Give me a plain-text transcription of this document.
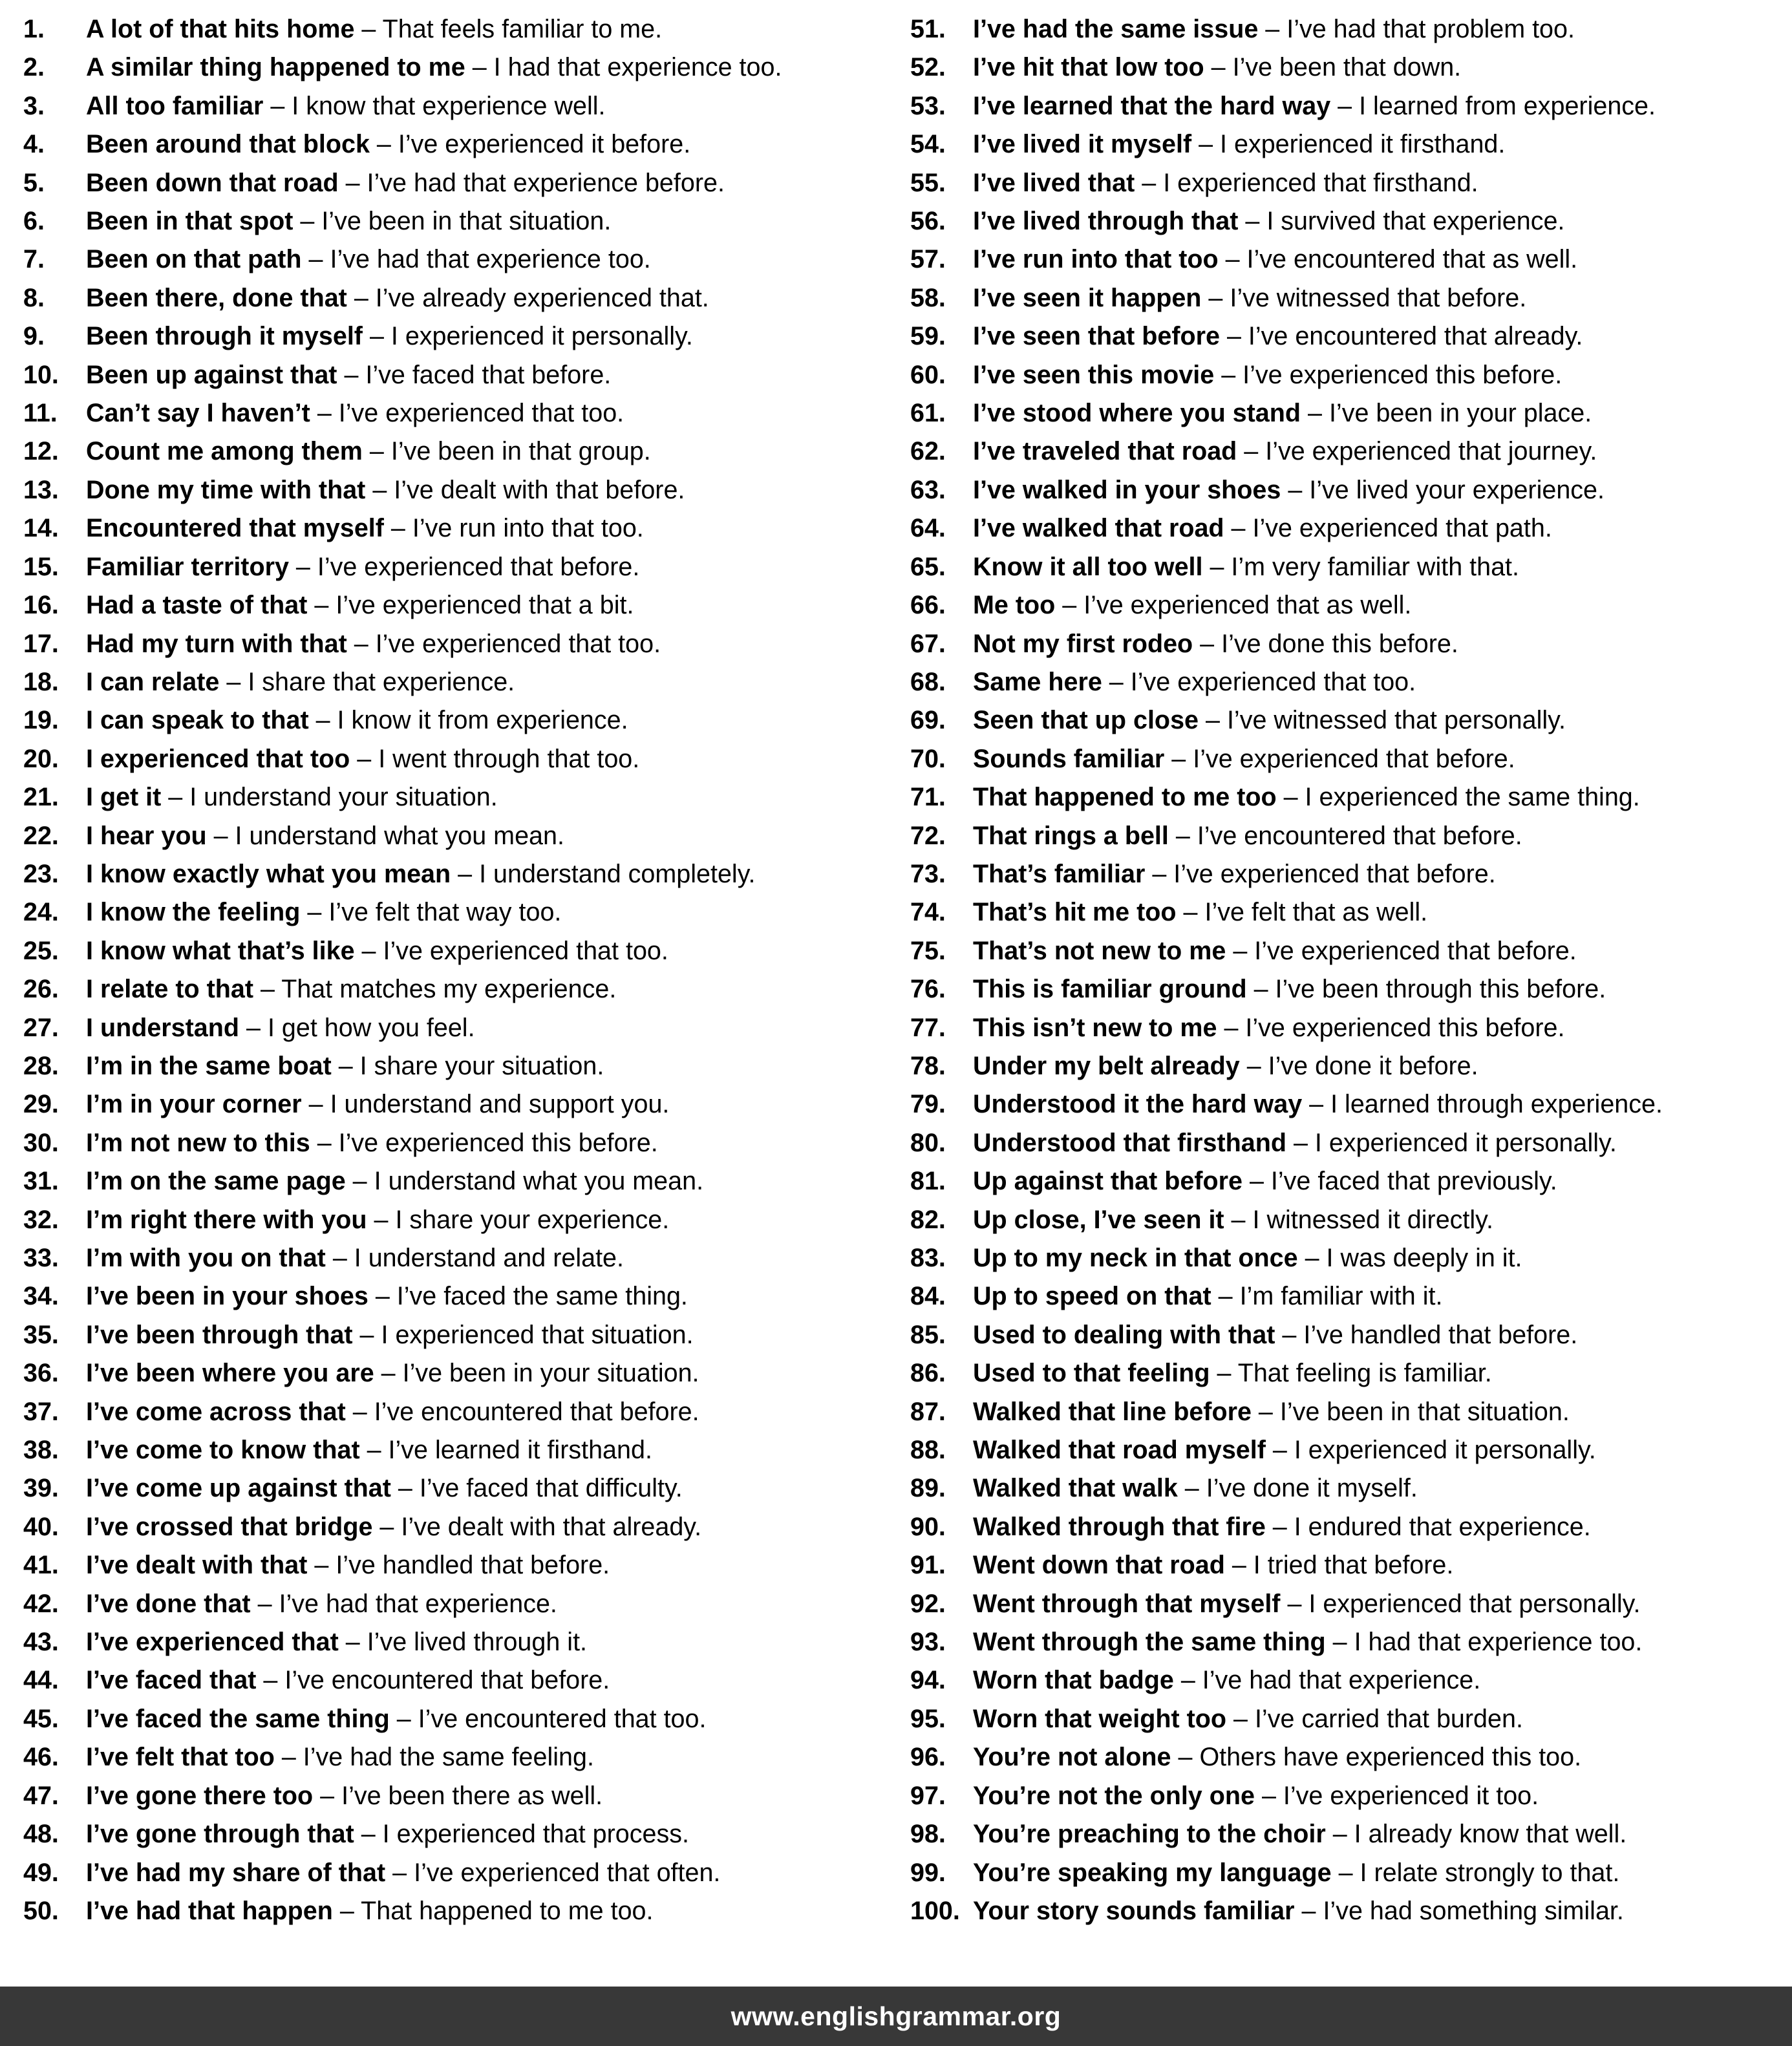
1.	A lot of that hits home – That feels familiar to me.
2.	A similar thing happened to me – I had that experience too.
3.	All too familiar – I know that experience well.
4.	Been around that block – I’ve experienced it before.
5.	Been down that road – I’ve had that experience before.
6.	Been in that spot – I’ve been in that situation.
7.	Been on that path – I’ve had that experience too.
8.	Been there, done that – I’ve already experienced that.
9.	Been through it myself – I experienced it personally.
10.	Been up against that – I’ve faced that before.
11.	Can’t say I haven’t – I’ve experienced that too.
12.	Count me among them – I’ve been in that group.
13.	Done my time with that – I’ve dealt with that before.
14.	Encountered that myself – I’ve run into that too.
15.	Familiar territory – I’ve experienced that before.
16.	Had a taste of that – I’ve experienced that a bit.
17.	Had my turn with that – I’ve experienced that too.
18.	I can relate – I share that experience.
19.	I can speak to that – I know it from experience.
20.	I experienced that too – I went through that too.
21.	I get it – I understand your situation.
22.	I hear you – I understand what you mean.
23.	I know exactly what you mean – I understand completely.
24.	I know the feeling – I’ve felt that way too.
25.	I know what that’s like – I’ve experienced that too.
26.	I relate to that – That matches my experience.
27.	I understand – I get how you feel.
28.	I’m in the same boat – I share your situation.
29.	I’m in your corner – I understand and support you.
30.	I’m not new to this – I’ve experienced this before.
31.	I’m on the same page – I understand what you mean.
32.	I’m right there with you – I share your experience.
33.	I’m with you on that – I understand and relate.
34.	I’ve been in your shoes – I’ve faced the same thing.
35.	I’ve been through that – I experienced that situation.
36.	I’ve been where you are – I’ve been in your situation.
37.	I’ve come across that – I’ve encountered that before.
38.	I’ve come to know that – I’ve learned it firsthand.
39.	I’ve come up against that – I’ve faced that difficulty.
40.	I’ve crossed that bridge – I’ve dealt with that already.
41.	I’ve dealt with that – I’ve handled that before.
42.	I’ve done that – I’ve had that experience.
43.	I’ve experienced that – I’ve lived through it.
44.	I’ve faced that – I’ve encountered that before.
45.	I’ve faced the same thing – I’ve encountered that too.
46.	I’ve felt that too – I’ve had the same feeling.
47.	I’ve gone there too – I’ve been there as well.
48.	I’ve gone through that – I experienced that process.
49.	I’ve had my share of that – I’ve experienced that often.
50.	I’ve had that happen – That happened to me too.
51.	I’ve had the same issue – I’ve had that problem too.
52.	I’ve hit that low too – I’ve been that down.
53.	I’ve learned that the hard way – I learned from experience.
54.	I’ve lived it myself – I experienced it firsthand.
55.	I’ve lived that – I experienced that firsthand.
56.	I’ve lived through that – I survived that experience.
57.	I’ve run into that too – I’ve encountered that as well.
58.	I’ve seen it happen – I’ve witnessed that before.
59.	I’ve seen that before – I’ve encountered that already.
60.	I’ve seen this movie – I’ve experienced this before.
61.	I’ve stood where you stand – I’ve been in your place.
62.	I’ve traveled that road – I’ve experienced that journey.
63.	I’ve walked in your shoes – I’ve lived your experience.
64.	I’ve walked that road – I’ve experienced that path.
65.	Know it all too well – I’m very familiar with that.
66.	Me too – I’ve experienced that as well.
67.	Not my first rodeo – I’ve done this before.
68.	Same here – I’ve experienced that too.
69.	Seen that up close – I’ve witnessed that personally.
70.	Sounds familiar – I’ve experienced that before.
71.	That happened to me too – I experienced the same thing.
72.	That rings a bell – I’ve encountered that before.
73.	That’s familiar – I’ve experienced that before.
74.	That’s hit me too – I’ve felt that as well.
75.	That’s not new to me – I’ve experienced that before.
76.	This is familiar ground – I’ve been through this before.
77.	This isn’t new to me – I’ve experienced this before.
78.	Under my belt already – I’ve done it before.
79.	Understood it the hard way – I learned through experience.
80.	Understood that firsthand – I experienced it personally.
81.	Up against that before – I’ve faced that previously.
82.	Up close, I’ve seen it – I witnessed it directly.
83.	Up to my neck in that once – I was deeply in it.
84.	Up to speed on that – I’m familiar with it.
85.	Used to dealing with that – I’ve handled that before.
86.	Used to that feeling – That feeling is familiar.
87.	Walked that line before – I’ve been in that situation.
88.	Walked that road myself – I experienced it personally.
89.	Walked that walk – I’ve done it myself.
90.	Walked through that fire – I endured that experience.
91.	Went down that road – I tried that before.
92.	Went through that myself – I experienced that personally.
93.	Went through the same thing – I had that experience too.
94.	Worn that badge – I’ve had that experience.
95.	Worn that weight too – I’ve carried that burden.
96.	You’re not alone – Others have experienced this too.
97.	You’re not the only one – I’ve experienced it too.
98.	You’re preaching to the choir – I already know that well.
99.	You’re speaking my language – I relate strongly to that.
100. Your story sounds familiar – I’ve had something similar.
www.englishgrammar.org
